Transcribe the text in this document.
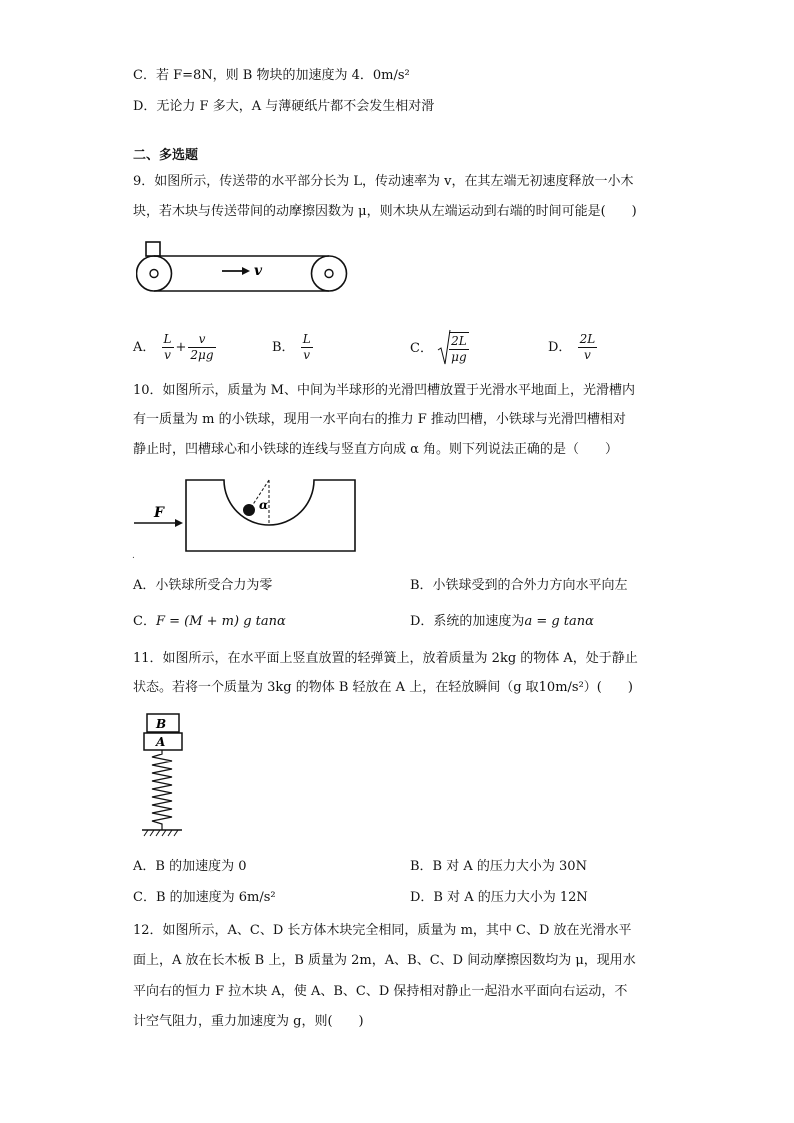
C．若 F=8N，则 B 物块的加速度为 4．0m/s²
D．无论力 F 多大，A 与薄硬纸片都不会发生相对滑
二、多选题
9．如图所示，传送带的水平部分长为 L，传动速率为 v，在其左端无初速度释放一小木
块，若木块与传送带间的动摩擦因数为 μ，则木块从左端运动到右端的时间可能是(　　)
v
A． $\frac{L}{v} + \frac{v}{2\mu g}$	B． $\frac{L}{v}$	C． $\frac{2L}{\mu g}$	D． $\frac{2L}{v}$
10．如图所示，质量为 M、中间为半球形的光滑凹槽放置于光滑水平地面上，光滑槽内
有一质量为 m 的小铁球，现用一水平向右的推力 F 推动凹槽，小铁球与光滑凹槽相对
静止时，凹槽球心和小铁球的连线与竖直方向成 α 角。则下列说法正确的是（　　）
α
F
.
A．小铁球所受合力为零	B．小铁球受到的合外力方向水平向左
C．F = (M + m) g tanα	D．系统的加速度为a = g tanα
11．如图所示，在水平面上竖直放置的轻弹簧上，放着质量为 2kg 的物体 A，处于静止
状态。若将一个质量为 3kg 的物体 B 轻放在 A 上，在轻放瞬间（g 取10m/s²）(　　)
B
A
A．B 的加速度为 0	B．B 对 A 的压力大小为 30N
C．B 的加速度为 6m/s²	D．B 对 A 的压力大小为 12N
12．如图所示，A、C、D 长方体木块完全相同，质量为 m，其中 C、D 放在光滑水平
面上，A 放在长木板 B 上，B 质量为 2m，A、B、C、D 间动摩擦因数均为 μ，现用水
平向右的恒力 F 拉木块 A，使 A、B、C、D 保持相对静止一起沿水平面向右运动，不
计空气阻力，重力加速度为 g，则(　　)
